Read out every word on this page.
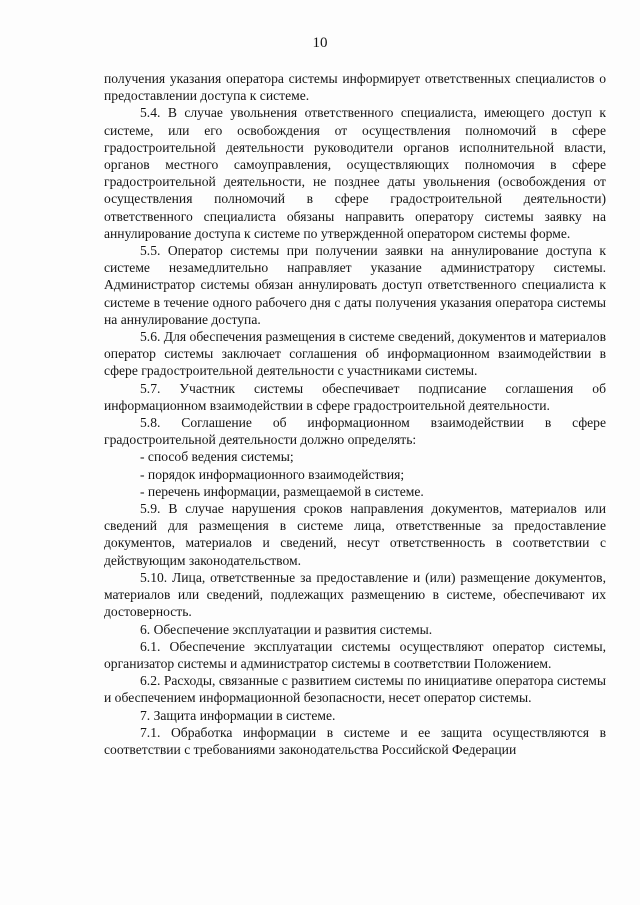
10

получения указания оператора системы информирует ответственных специалистов о предоставлении доступа к системе.

5.4. В случае увольнения ответственного специалиста, имеющего доступ к системе, или его освобождения от осуществления полномочий в сфере градостроительной деятельности руководители органов исполнительной власти, органов местного самоуправления, осуществляющих полномочия в сфере градостроительной деятельности, не позднее даты увольнения (освобождения от осуществления полномочий в сфере градостроительной деятельности) ответственного специалиста обязаны направить оператору системы заявку на аннулирование доступа к системе по утвержденной оператором системы форме.

5.5. Оператор системы при получении заявки на аннулирование доступа к системе незамедлительно направляет указание администратору системы. Администратор системы обязан аннулировать доступ ответственного специалиста к системе в течение одного рабочего дня с даты получения указания оператора системы на аннулирование доступа.

5.6. Для обеспечения размещения в системе сведений, документов и материалов оператор системы заключает соглашения об информационном взаимодействии в сфере градостроительной деятельности с участниками системы.

5.7. Участник системы обеспечивает подписание соглашения об информационном взаимодействии в сфере градостроительной деятельности.

5.8. Соглашение об информационном взаимодействии в сфере градостроительной деятельности должно определять:

- способ ведения системы;

- порядок информационного взаимодействия;

- перечень информации, размещаемой в системе.

5.9. В случае нарушения сроков направления документов, материалов или сведений для размещения в системе лица, ответственные за предоставление документов, материалов и сведений, несут ответственность в соответствии с действующим законодательством.

5.10. Лица, ответственные за предоставление и (или) размещение документов, материалов или сведений, подлежащих размещению в системе, обеспечивают их достоверность.

6. Обеспечение эксплуатации и развития системы.

6.1. Обеспечение эксплуатации системы осуществляют оператор системы, организатор системы и администратор системы в соответствии Положением.

6.2. Расходы, связанные с развитием системы по инициативе оператора системы и обеспечением информационной безопасности, несет оператор системы.

7. Защита информации в системе.

7.1. Обработка информации в системе и ее защита осуществляются в соответствии с требованиями законодательства Российской Федерации
